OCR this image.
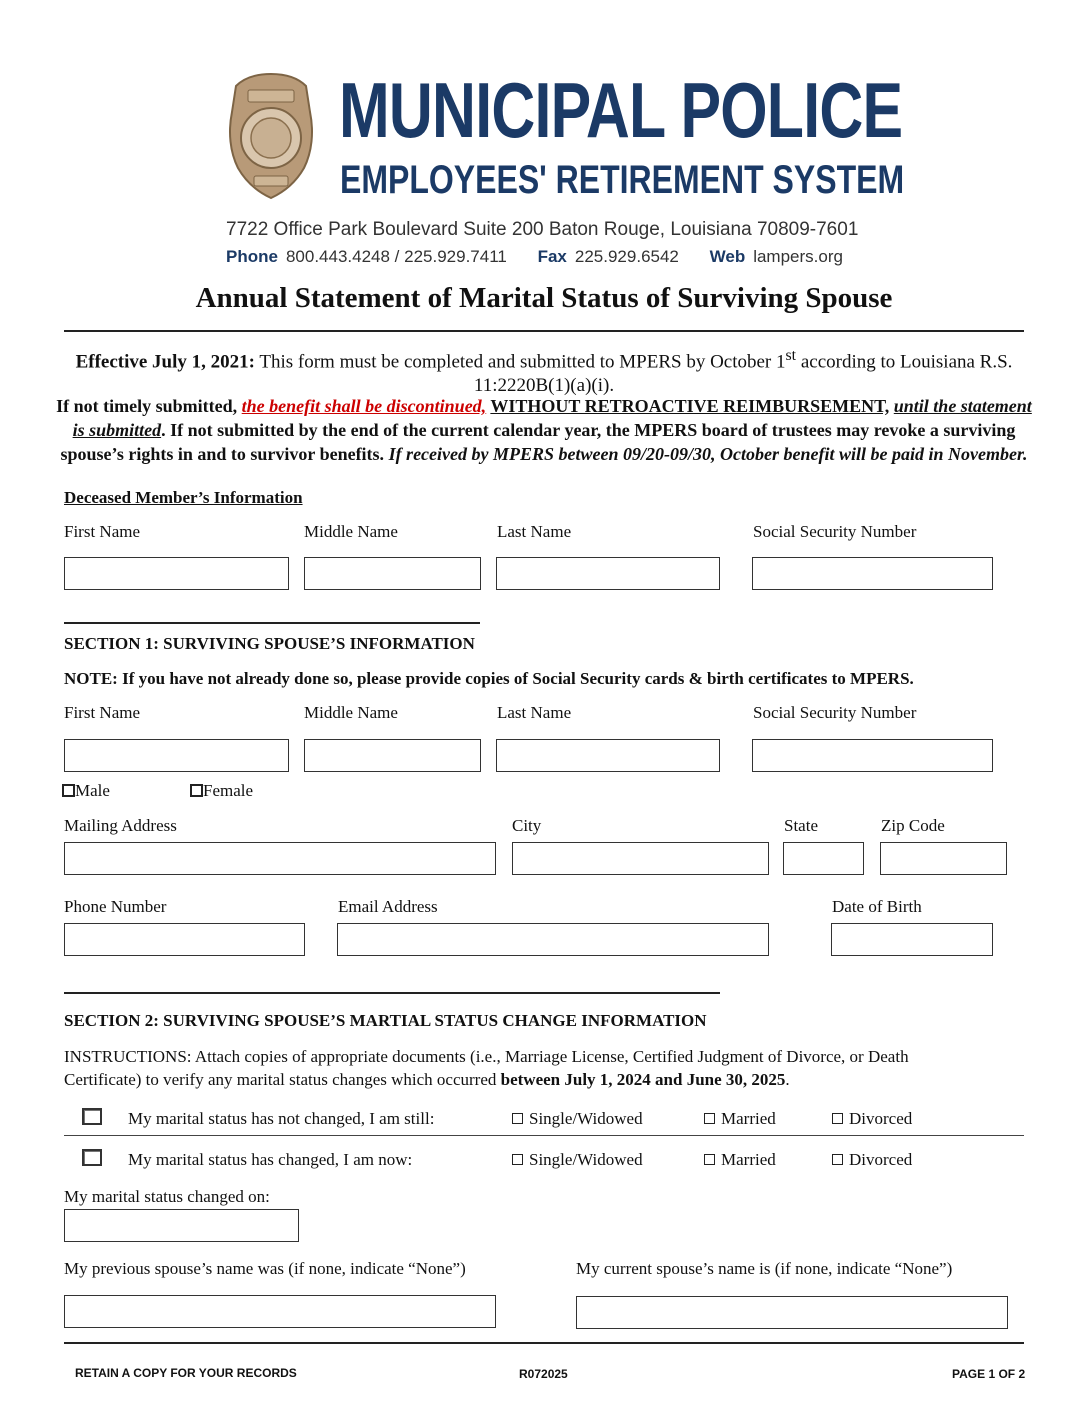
MUNICIPAL POLICE
EMPLOYEES' RETIREMENT SYSTEM
7722 Office Park Boulevard Suite 200 Baton Rouge, Louisiana 70809-7601
Phone 800.443.4248 / 225.929.7411 Fax 225.929.6542 Web lampers.org
Annual Statement of Marital Status of Surviving Spouse
Effective July 1, 2021: This form must be completed and submitted to MPERS by October 1st according to Louisiana R.S. 11:2220B(1)(a)(i).
If not timely submitted, the benefit shall be discontinued, WITHOUT RETROACTIVE REIMBURSEMENT, until the statement is submitted. If not submitted by the end of the current calendar year, the MPERS board of trustees may revoke a surviving spouse’s rights in and to survivor benefits. If received by MPERS between 09/20-09/30, October benefit will be paid in November.
Deceased Member’s Information
First Name	Middle Name	Last Name	Social Security Number
SECTION 1: SURVIVING SPOUSE’S INFORMATION
NOTE: If you have not already done so, please provide copies of Social Security cards & birth certificates to MPERS.
First Name	Middle Name	Last Name	Social Security Number
Male	Female
Mailing Address	City	State	Zip Code
Phone Number	Email Address	Date of Birth
SECTION 2: SURVIVING SPOUSE’S MARTIAL STATUS CHANGE INFORMATION
INSTRUCTIONS: Attach copies of appropriate documents (i.e., Marriage License, Certified Judgment of Divorce, or Death
Certificate) to verify any marital status changes which occurred between July 1, 2024 and June 30, 2025.
My marital status has not changed, I am still:	Single/Widowed	Married	Divorced
My marital status has changed, I am now:	Single/Widowed	Married	Divorced
My marital status changed on:
My previous spouse’s name was (if none, indicate “None”)	My current spouse’s name is (if none, indicate “None”)
RETAIN A COPY FOR YOUR RECORDS	R072025	PAGE 1 OF 2
